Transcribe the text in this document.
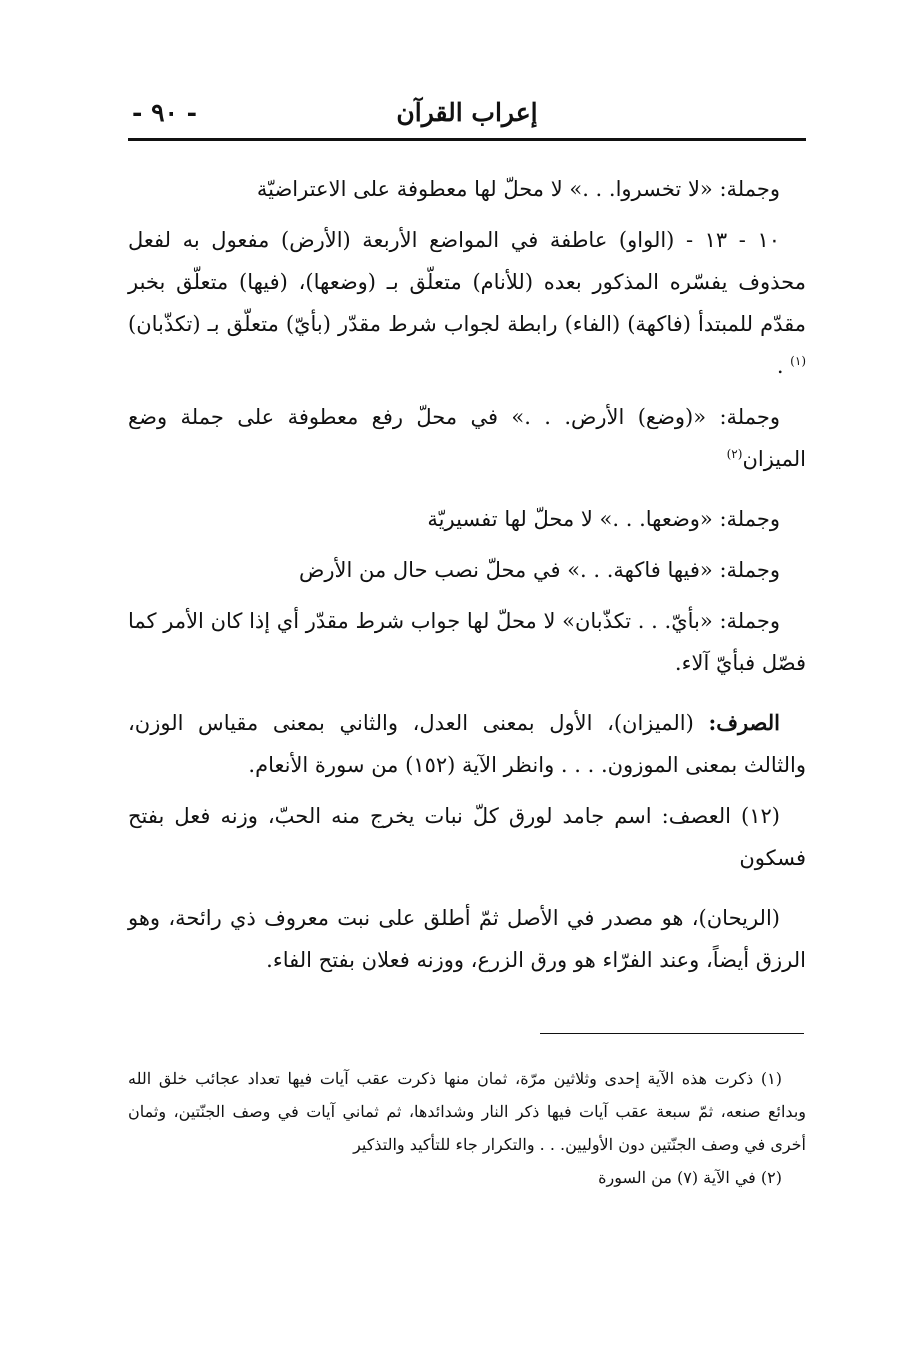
إعراب القرآن
- ٩٠ -

وجملة: «لا تخسروا. . .» لا محلّ لها معطوفة على الاعتراضيّة

١٠ - ١٣ - (الواو) عاطفة في المواضع الأربعة (الأرض) مفعول به لفعل محذوف يفسّره المذكور بعده (للأنام) متعلّق بـ (وضعها)، (فيها) متعلّق بخبر مقدّم للمبتدأ (فاكهة) (الفاء) رابطة لجواب شرط مقدّر (بأيّ) متعلّق بـ (تكذّبان)$^{(١)}$ .

وجملة: «(وضع) الأرض. . .» في محلّ رفع معطوفة على جملة وضع الميزان$^{(٢)}$

وجملة: «وضعها. . .» لا محلّ لها تفسيريّة

وجملة: «فيها فاكهة. . .» في محلّ نصب حال من الأرض

وجملة: «بأيّ. . . تكذّبان» لا محلّ لها جواب شرط مقدّر أي إذا كان الأمر كما فصّل فبأيّ آلاء.

الصرف: (الميزان)، الأول بمعنى العدل، والثاني بمعنى مقياس الوزن، والثالث بمعنى الموزون. . . . وانظر الآية (١٥٢) من سورة الأنعام.

(١٢) العصف: اسم جامد لورق كلّ نبات يخرج منه الحبّ، وزنه فعل بفتح فسكون

(الريحان)، هو مصدر في الأصل ثمّ أطلق على نبت معروف ذي رائحة، وهو الرزق أيضاً، وعند الفرّاء هو ورق الزرع، ووزنه فعلان بفتح الفاء.

(١) ذكرت هذه الآية إحدى وثلاثين مرّة، ثمان منها ذكرت عقب آيات فيها تعداد عجائب خلق الله وبدائع صنعه، ثمّ سبعة عقب آيات فيها ذكر النار وشدائدها، ثم ثماني آيات في وصف الجنّتين، وثمان أخرى في وصف الجنّتين دون الأوليين. . . والتكرار جاء للتأكيد والتذكير

(٢) في الآية (٧) من السورة
